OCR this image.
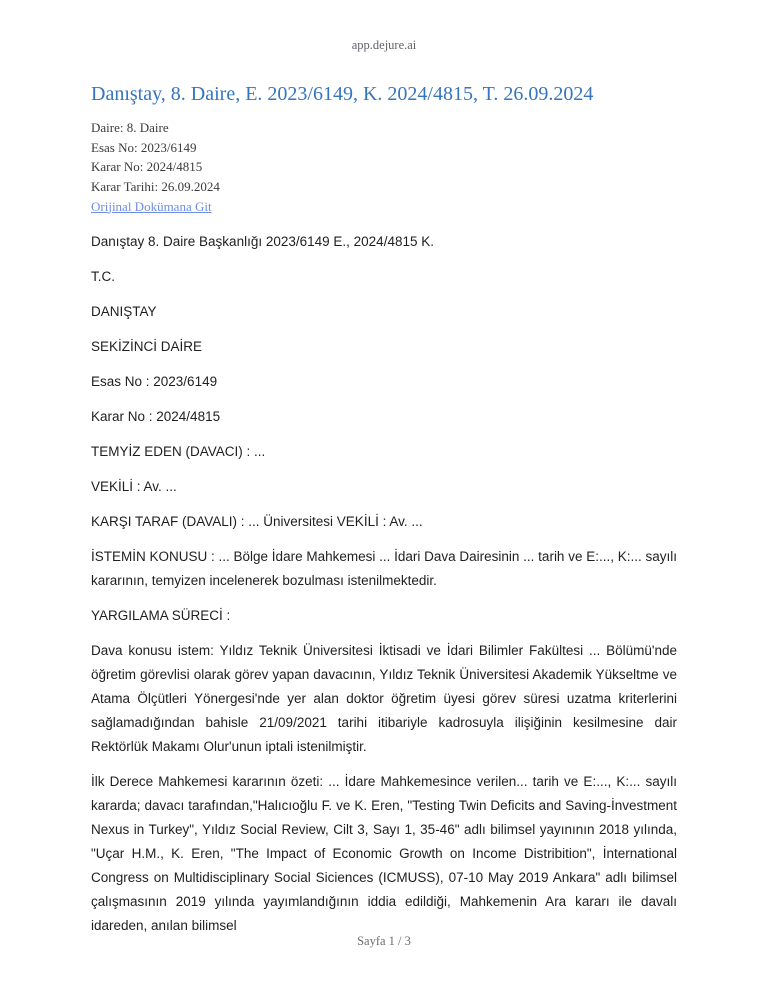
app.dejure.ai
Danıştay, 8. Daire, E. 2023/6149, K. 2024/4815, T. 26.09.2024

Daire: 8. Daire

Esas No: 2023/6149

Karar No: 2024/4815

Karar Tarihi: 26.09.2024

Orijinal Dokümana Git

Danıştay 8. Daire Başkanlığı 2023/6149 E., 2024/4815 K.

T.C.

DANIŞTAY

SEKİZİNCİ DAİRE

Esas No : 2023/6149

Karar No : 2024/4815

TEMYİZ EDEN (DAVACI) : ...

VEKİLİ : Av. ...

KARŞI TARAF (DAVALI) : ... Üniversitesi VEKİLİ : Av. ...

İSTEMİN KONUSU : ... Bölge İdare Mahkemesi ... İdari Dava Dairesinin ... tarih ve E:..., K:... sayılı kararının, temyizen incelenerek bozulması istenilmektedir.

YARGILAMA SÜRECİ :

Dava konusu istem: Yıldız Teknik Üniversitesi İktisadi ve İdari Bilimler Fakültesi ... Bölümü'nde öğretim görevlisi olarak görev yapan davacının, Yıldız Teknik Üniversitesi Akademik Yükseltme ve Atama Ölçütleri Yönergesi'nde yer alan doktor öğretim üyesi görev süresi uzatma kriterlerini sağlamadığından bahisle 21/09/2021 tarihi itibariyle kadrosuyla ilişiğinin kesilmesine dair Rektörlük Makamı Olur'unun iptali istenilmiştir.

İlk Derece Mahkemesi kararının özeti: ... İdare Mahkemesince verilen... tarih ve E:..., K:... sayılı kararda; davacı tarafından,"Halıcıoğlu F. ve K. Eren, "Testing Twin Deficits and Saving-İnvestment Nexus in Turkey", Yıldız Social Review, Cilt 3, Sayı 1, 35-46" adlı bilimsel yayınının 2018 yılında, "Uçar H.M., K. Eren, "The Impact of Economic Growth on Income Distribition", İnternational Congress on Multidisciplinary Social Siciences (ICMUSS), 07-10 May 2019 Ankara" adlı bilimsel çalışmasının 2019 yılında yayımlandığının iddia edildiği, Mahkemenin Ara kararı ile davalı idareden, anılan bilimsel

Sayfa 1 / 3
